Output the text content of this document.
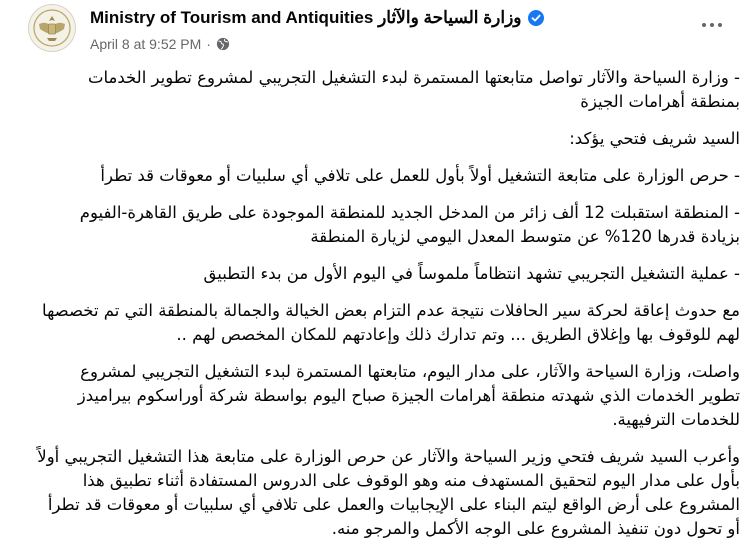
Ministry of Tourism and Antiquities وزارة السياحة والآثار
April 8 at 9:52 PM ·

- وزارة السياحة والآثار تواصل متابعتها المستمرة لبدء التشغيل التجريبي لمشروع تطوير الخدمات بمنطقة أهرامات الجيزة

السيد شريف فتحي يؤكد:

- حرص الوزارة على متابعة التشغيل أولاً بأول للعمل على تلافي أي سلبيات أو معوقات قد تطرأ

- المنطقة استقبلت 12 ألف زائر من المدخل الجديد للمنطقة الموجودة على طريق القاهرة-الفيوم بزيادة قدرها 120% عن متوسط المعدل اليومي لزيارة المنطقة

- عملية التشغيل التجريبي تشهد انتظاماً ملموساً في اليوم الأول من بدء التطبيق

مع حدوث إعاقة لحركة سير الحافلات نتيجة عدم التزام بعض الخيالة والجمالة بالمنطقة التي تم تخصصها لهم للوقوف بها وإغلاق الطريق ... وتم تدارك ذلك وإعادتهم للمكان المخصص لهم ..

واصلت، وزارة السياحة والآثار، على مدار اليوم، متابعتها المستمرة لبدء التشغيل التجريبي لمشروع تطوير الخدمات الذي شهدته منطقة أهرامات الجيزة صباح اليوم بواسطة شركة أوراسكوم بيراميدز للخدمات الترفيهية.

وأعرب السيد شريف فتحي وزير السياحة والآثار عن حرص الوزارة على متابعة هذا التشغيل التجريبي أولاً بأول على مدار اليوم لتحقيق المستهدف منه وهو الوقوف على الدروس المستفادة أثناء تطبيق هذا المشروع على أرض الواقع ليتم البناء على الإيجابيات والعمل على تلافي أي سلبيات أو معوقات قد تطرأ أو تحول دون تنفيذ المشروع على الوجه الأكمل والمرجو منه.
